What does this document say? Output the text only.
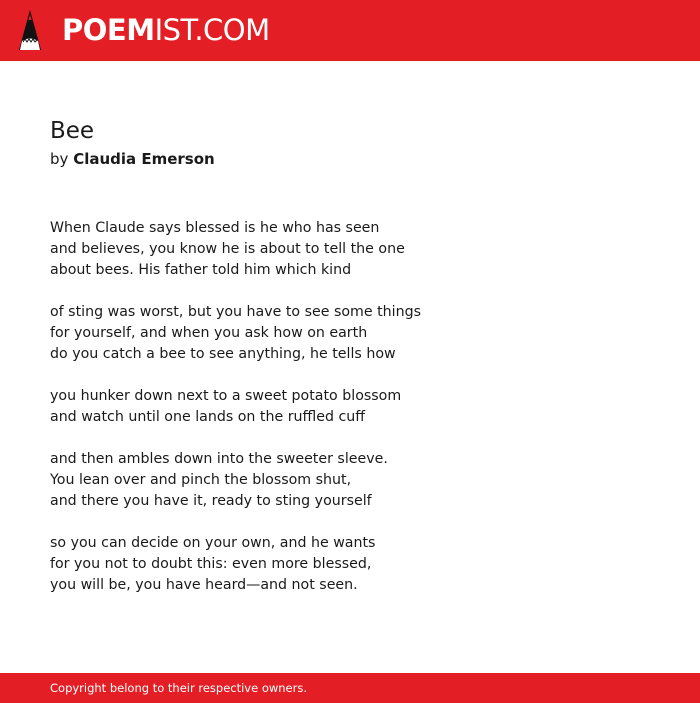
POEMIST.COM
Bee
by Claudia Emerson
When Claude says blessed is he who has seen
and believes, you know he is about to tell the one
about bees. His father told him which kind
of sting was worst, but you have to see some things
for yourself, and when you ask how on earth
do you catch a bee to see anything, he tells how
you hunker down next to a sweet potato blossom
and watch until one lands on the ruffled cuff
and then ambles down into the sweeter sleeve.
You lean over and pinch the blossom shut,
and there you have it, ready to sting yourself
so you can decide on your own, and he wants
for you not to doubt this: even more blessed,
you will be, you have heard⁠—⁠and not seen.
Copyright belong to their respective owners.
